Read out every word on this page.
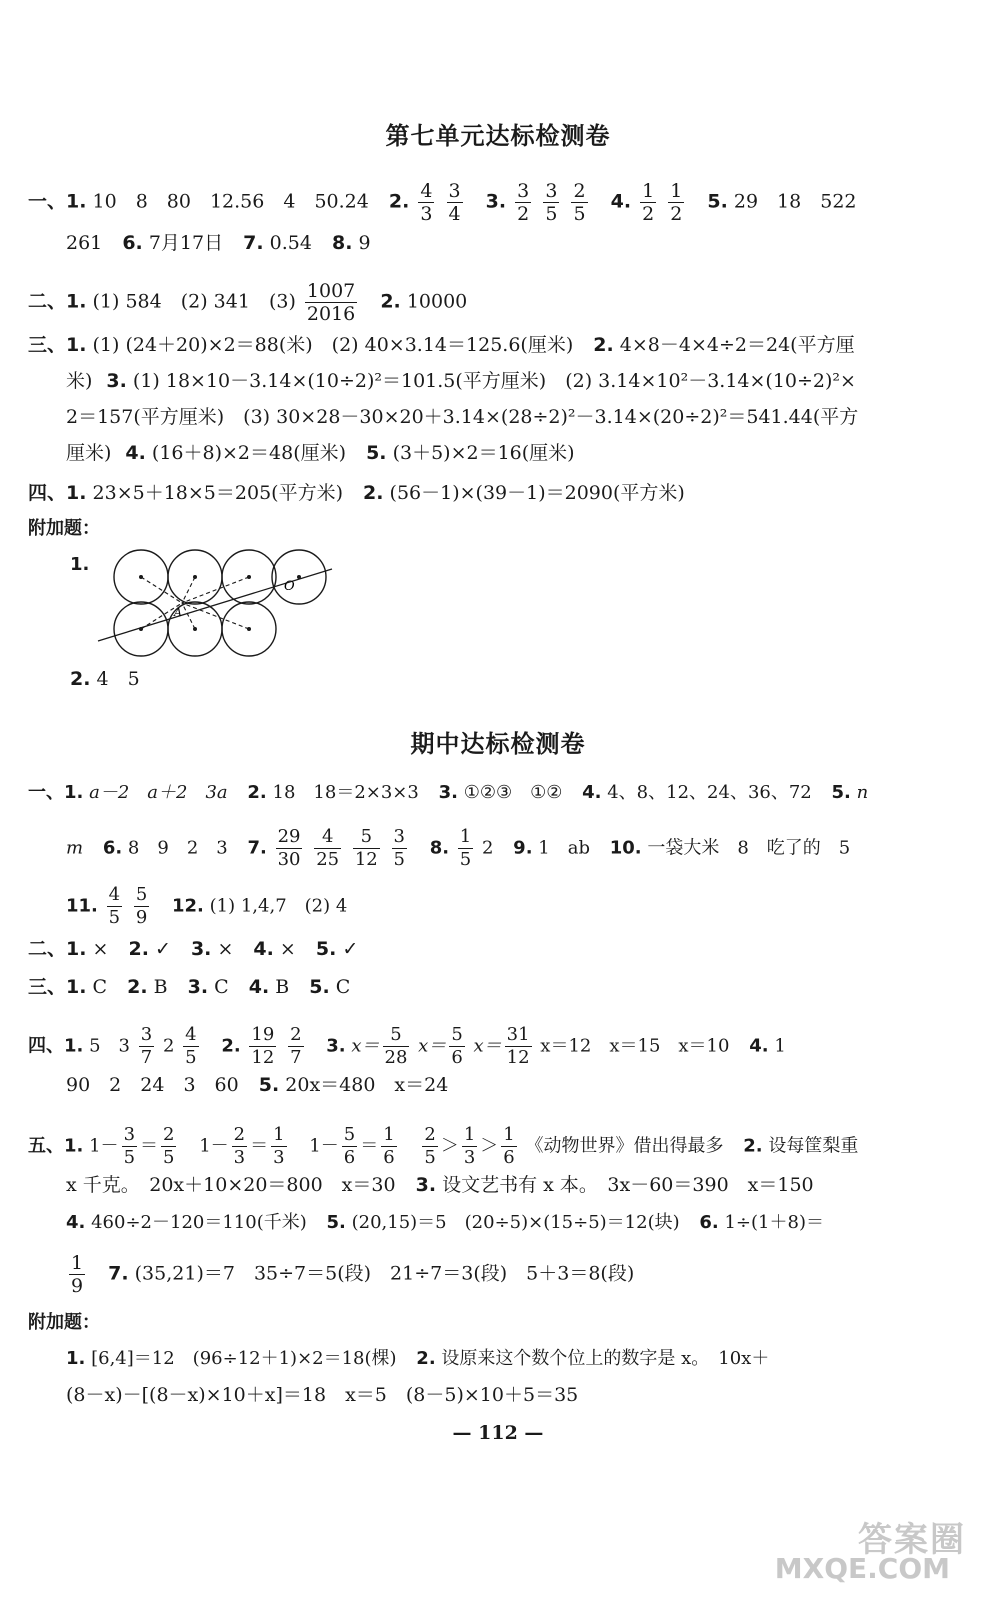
第七单元达标检测卷
一、1. 10　8　80　12.56　4　50.24 2. $\frac{4}{3}$
$\frac{3}{4} 3$. $\frac{3}{2}$
$\frac{3}{5}$
$\frac{2}{5} 4$. $\frac{1}{2}$
$\frac{1}{2} 5$. 29　18　522
261 6. 7月17日 7. 0.54 8. 9
二、1. (1) 584　(2) 341　$(3) \frac{1007}{2016} 2$. 10000
三、1. (1) (24＋20)×2＝88(米)　(2) 40×3.14＝125.6(厘米) 2. 4×8－4×4÷2＝24(平方厘
米) 3. (1) 18×10－3.14×(10÷2)²＝101.5(平方厘米)　(2) 3.14×10²－3.14×(10÷2)²×
2＝157(平方厘米)　(3) 30×28－30×20＋3.14×(28÷2)²－3.14×(20÷2)²＝541.44(平方
厘米) 4. (16＋8)×2＝48(厘米) 5. (3＋5)×2＝16(厘米)
四、1. 23×5＋18×5＝205(平方米) 2. (56－1)×(39－1)＝2090(平方米)
附加题：
1.
O
A
2. 4　5
期中达标检测卷
一、1. a－2　a＋2　3a 2. 18　18＝2×3×3 3. ①②③　①② 4. 4、8、12、24、36、72 5. n
m 6. 8　9　2　3 7. $\frac{29}{30}$
$\frac{4}{25}$
$\frac{5}{12}$
$\frac{3}{5} 8$. $\frac{1}{5} 2$ 9. 1　ab 10. 一袋大米　8　吃了的　5
11. $\frac{4}{5}$
$\frac{5}{9} 12$. (1) 1,4,7　(2) 4
二、1. × 2. ✓ 3. × 4. × 5. ✓
三、1. C 2. B 3. C 4. B 5. C
四、1. 5　$3 \frac{3}{7} 2 \frac{4}{5} 2$. $\frac{19}{12}$
$\frac{2}{7} 3$. $x= \frac{5}{28} x= \frac{5}{6} x= \frac{31}{12} x=12$　x＝15　x＝10 4. 1
90　2　24　3　60 5. 20x＝480　x＝24
五、1. $1- \frac{3}{5} = \frac{2}{5} 1- \frac{2}{3} = \frac{1}{3} 1- \frac{5}{6} = \frac{1}{6}$
$\frac{2}{5} > \frac{1}{3} > \frac{1}{6}$ 《动物世界》借出得最多 2. 设每筐梨重
x 千克。　20x＋10×20＝800　x＝30 3. 设文艺书有 x 本。　3x－60＝390　x＝150
4. 460÷2－120＝110(千米) 5. (20,15)＝5　(20÷5)×(15÷5)＝12(块) 6. 1÷(1＋8)＝
$\frac{1}{9} 7$. (35,21)＝7　35÷7＝5(段)　21÷7＝3(段)　5＋3＝8(段)
附加题：
1. [6,4]＝12　(96÷12＋1)×2＝18(棵) 2. 设原来这个数个位上的数字是 x。　10x＋
(8－x)－[(8－x)×10＋x]＝18　x＝5　(8－5)×10＋5＝35
— 112 —
答案圈
MXQE.COM
